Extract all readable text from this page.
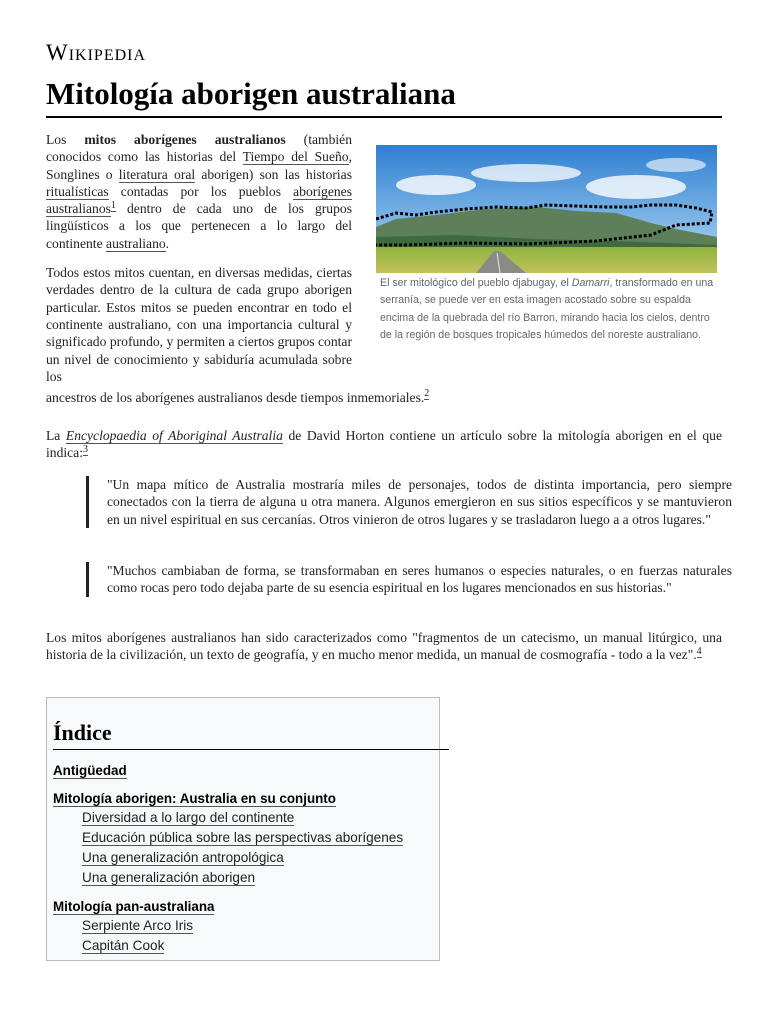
Wikipedia
Mitología aborigen australiana

Los mitos aborígenes australianos (también conocidos como las historias del Tiempo del Sueño, Songlines o literatura oral aborigen) son las historias ritualísticas contadas por los pueblos aborígenes australianos$^1$ dentro de cada uno de los grupos lingüísticos a los que pertenecen a lo largo del continente australiano.

Todos estos mitos cuentan, en diversas medidas, ciertas verdades dentro de la cultura de cada grupo aborigen particular. Estos mitos se pueden encontrar en todo el continente australiano, con una importancia cultural y significado profundo, y permiten a ciertos grupos contar un nivel de conocimiento y sabiduría acumulada sobre los

El ser mitológico del pueblo djabugay, el Damarri, transformado en una serranía, se puede ver en esta imagen acostado sobre su espalda encima de la quebrada del río Barron, mirando hacia los cielos, dentro de la región de bosques tropicales húmedos del noreste australiano.
ancestros de los aborígenes australianos desde tiempos inmemoriales.$^2$

La Encyclopaedia of Aboriginal Australia de David Horton contiene un artículo sobre la mitología aborigen en el que indica:$^3$

"Un mapa mítico de Australia mostraría miles de personajes, todos de distinta importancia, pero siempre conectados con la tierra de alguna u otra manera. Algunos emergieron en sus sitios específicos y se mantuvieron en un nivel espiritual en sus cercanías. Otros vinieron de otros lugares y se trasladaron luego a a otros lugares."
"Muchos cambiaban de forma, se transformaban en seres humanos o especies naturales, o en fuerzas naturales como rocas pero todo dejaba parte de su esencia espiritual en los lugares mencionados en sus historias."

Los mitos aborígenes australianos han sido caracterizados como "fragmentos de un catecismo, un manual litúrgico, una historia de la civilización, un texto de geografía, y en mucho menor medida, un manual de cosmografía - todo a la vez".$^4$

Índice
Antigüedad
Mitología aborigen: Australia en su conjunto
Diversidad a lo largo del continente
Educación pública sobre las perspectivas aborígenes
Una generalización antropológica
Una generalización aborigen
Mitología pan-australiana
Serpiente Arco Iris
Capitán Cook
